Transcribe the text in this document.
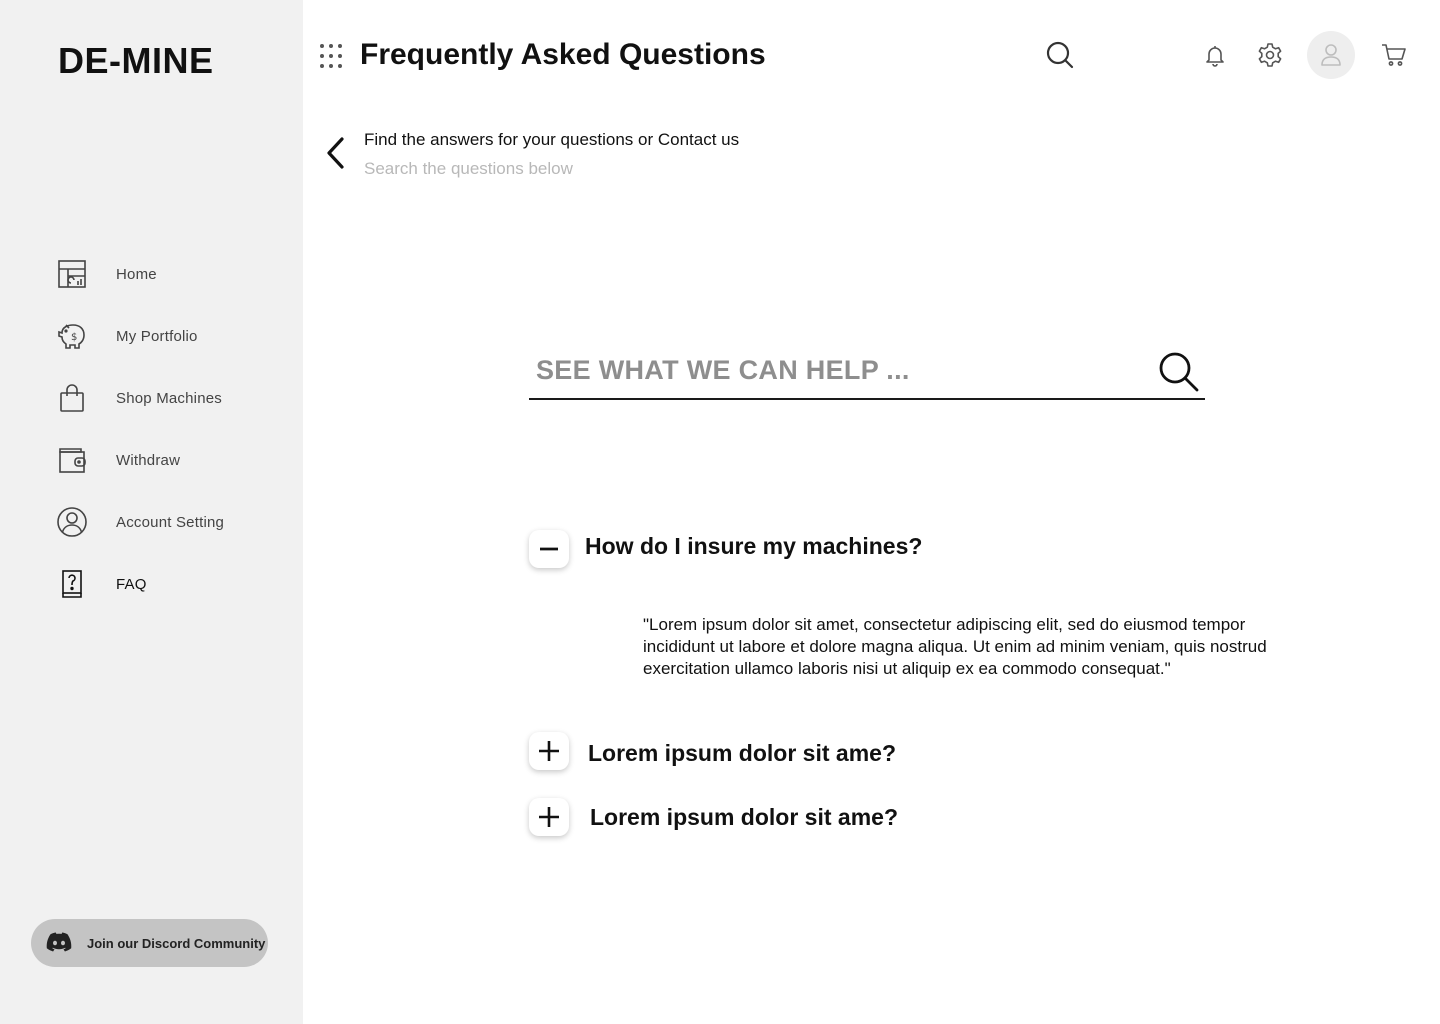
DE-MINE
Home
$	My Portfolio
Shop Machines
Withdraw
Account Setting
FAQ
Join our Discord Community
Frequently Asked Questions

Find the answers for your questions or Contact us

Search the questions below

SEE WHAT WE CAN HELP ...
How do I insure my machines?

"Lorem ipsum dolor sit amet, consectetur adipiscing elit, sed do eiusmod tempor incididunt ut labore et dolore magna aliqua. Ut enim ad minim veniam, quis nostrud exercitation ullamco laboris nisi ut aliquip ex ea commodo consequat."

Lorem ipsum dolor sit ame?
Lorem ipsum dolor sit ame?
